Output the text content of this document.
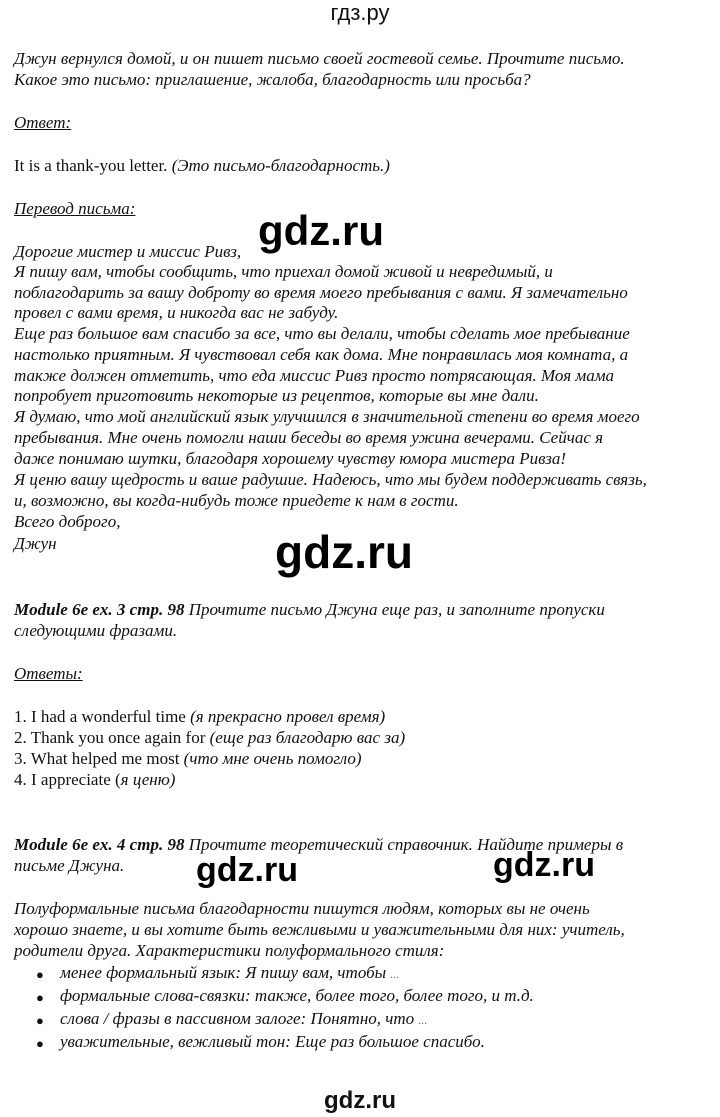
гдз.ру
Джун вернулся домой, и он пишет письмо своей гостевой семье. Прочтите письмо.
Какое это письмо: приглашение, жалоба, благодарность или просьба?
Ответ:
It is a thank-you letter. (Это письмо-благодарность.)
Перевод письма:
Дорогие мистер и миссис Ривз,
Я пишу вам, чтобы сообщить, что приехал домой живой и невредимый, и
поблагодарить за вашу доброту во время моего пребывания с вами. Я замечательно
провел с вами время, и никогда вас не забуду.
Еще раз большое вам спасибо за все, что вы делали, чтобы сделать мое пребывание
настолько приятным. Я чувствовал себя как дома. Мне понравилась моя комната, а
также должен отметить, что еда миссис Ривз просто потрясающая. Моя мама
попробует приготовить некоторые из рецептов, которые вы мне дали.
Я думаю, что мой английский язык улучшился в значительной степени во время моего
пребывания. Мне очень помогли наши беседы во время ужина вечерами. Сейчас я
даже понимаю шутки, благодаря хорошему чувству юмора мистера Ривза!
Я ценю вашу щедрость и ваше радушие. Надеюсь, что мы будем поддерживать связь,
и, возможно, вы когда-нибудь тоже приедете к нам в гости.
Всего доброго,
Джун
gdz.ru
gdz.ru
Module 6e ex. 3 стр. 98 Прочтите письмо Джуна еще раз, и заполните пропуски
следующими фразами.
Ответы:
1. I had a wonderful time (я прекрасно провел время)
2. Thank you once again for (еще раз благодарю вас за)
3. What helped me most (что мне очень помогло)
4. I appreciate (я ценю)
Module 6e ex. 4 стр. 98 Прочтите теоретический справочник. Найдите примеры в
письме Джуна. gdz.ru	gdz.ru
Полуформальные письма благодарности пишутся людям, которых вы не очень
хорошо знаете, и вы хотите быть вежливыми и уважительными для них: учитель,
родители друга. Характеристики полуформального стиля:
● менее формальный язык: Я пишу вам, чтобы ...
● формальные слова-связки: также, более того, более того, и т.д.
● слова / фразы в пассивном залоге: Понятно, что ...
● уважительные, вежливый тон: Еще раз большое спасибо.
gdz.ru
